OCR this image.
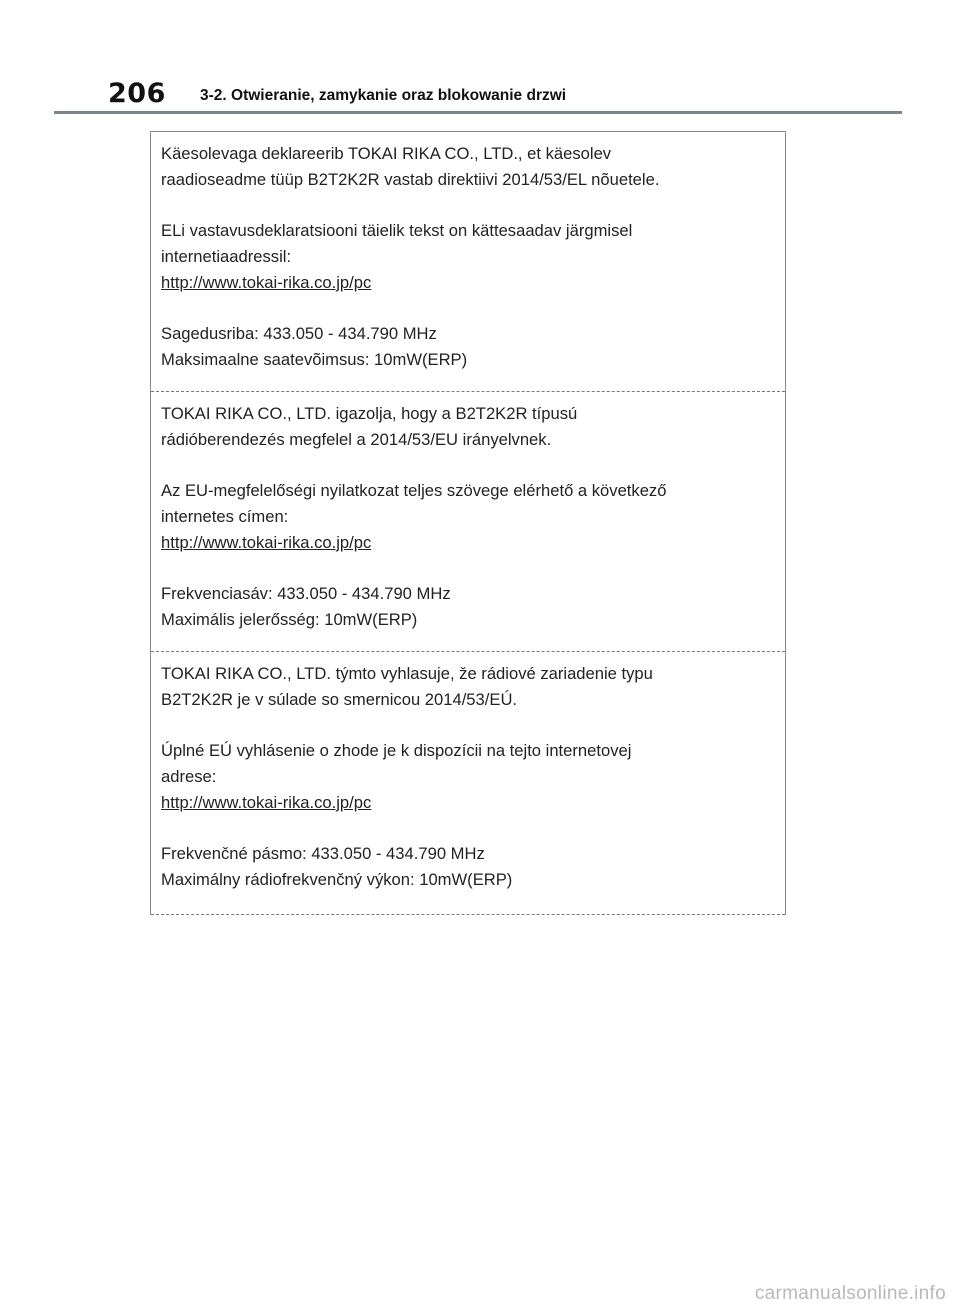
206 3-2. Otwieranie, zamykanie oraz blokowanie drzwi

Käesolevaga deklareerib TOKAI RIKA CO., LTD., et käesolev

raadioseadme tüüp B2T2K2R vastab direktiivi 2014/53/EL nõuetele.

ELi vastavusdeklaratsiooni täielik tekst on kättesaadav järgmisel

internetiaadressil:

http://www.tokai-rika.co.jp/pc

Sagedusriba: 433.050 - 434.790 MHz

Maksimaalne saatevõimsus: 10mW(ERP)

TOKAI RIKA CO., LTD. igazolja, hogy a B2T2K2R típusú

rádióberendezés megfelel a 2014/53/EU irányelvnek.

Az EU-megfelelőségi nyilatkozat teljes szövege elérhető a következő

internetes címen:

http://www.tokai-rika.co.jp/pc

Frekvenciasáv: 433.050 - 434.790 MHz

Maximális jelerősség: 10mW(ERP)

TOKAI RIKA CO., LTD. týmto vyhlasuje, že rádiové zariadenie typu

B2T2K2R je v súlade so smernicou 2014/53/EÚ.

Úplné EÚ vyhlásenie o zhode je k dispozícii na tejto internetovej

adrese:

http://www.tokai-rika.co.jp/pc

Frekvenčné pásmo: 433.050 - 434.790 MHz

Maximálny rádiofrekvenčný výkon: 10mW(ERP)

carmanualsonline.info
